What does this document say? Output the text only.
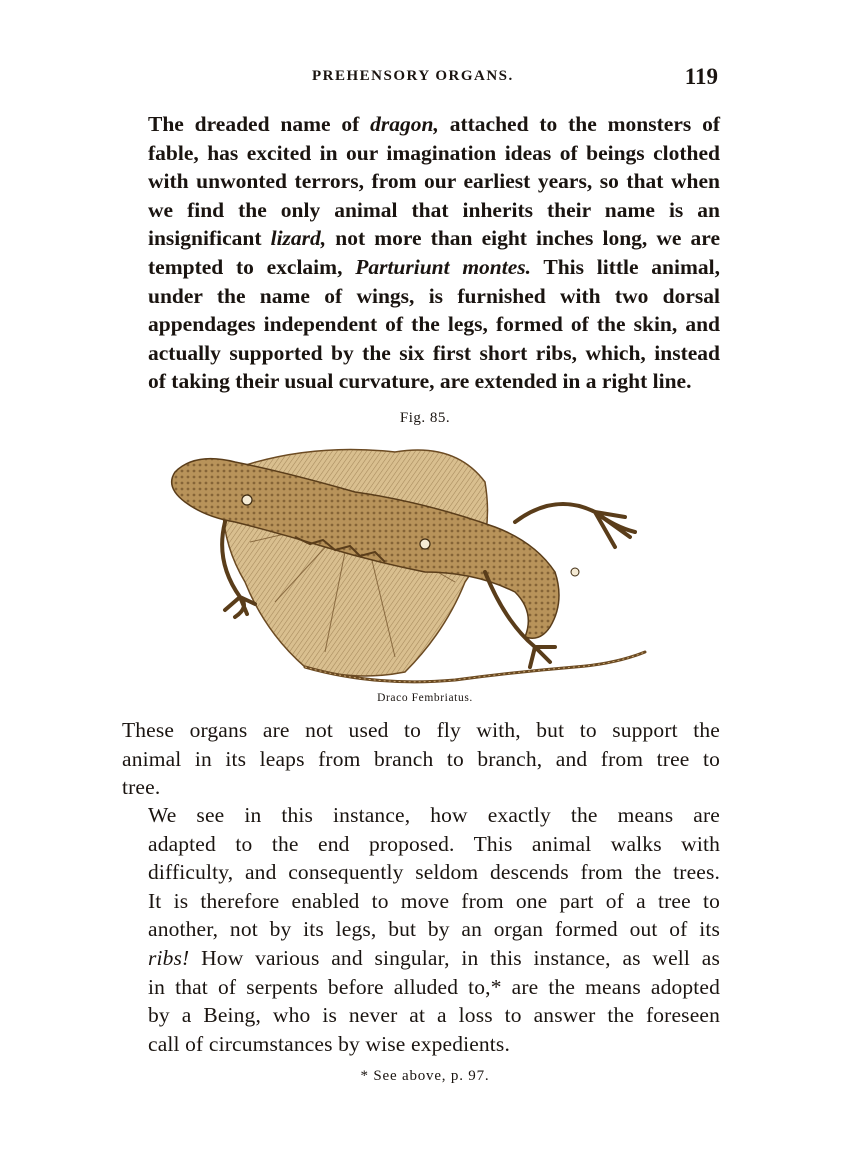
PREHENSORY ORGANS.	119
The dreaded name of dragon, attached to the monsters of
fable, has excited in our imagination ideas of beings clothed
with unwonted terrors, from our earliest years, so that when
we find the only animal that inherits their name is an
insignificant lizard, not more than eight inches long, we are
tempted to exclaim, Parturiunt montes. This little animal,
under the name of wings, is furnished with two dorsal
appendages independent of the legs, formed of the skin, and
actually supported by the six first short ribs, which, instead
of taking their usual curvature, are extended in a right line.
Fig. 85.
Draco Fembriatus.
These organs are not used to fly with, but to support the
animal in its leaps from branch to branch, and from tree to
tree.
We see in this instance, how exactly the means are
adapted to the end proposed. This animal walks with
difficulty, and consequently seldom descends from the trees.
It is therefore enabled to move from one part of a tree to
another, not by its legs, but by an organ formed out of its
ribs! How various and singular, in this instance, as well as
in that of serpents before alluded to,* are the means adopted
by a Being, who is never at a loss to answer the foreseen
call of circumstances by wise expedients.
* See above, p. 97.
